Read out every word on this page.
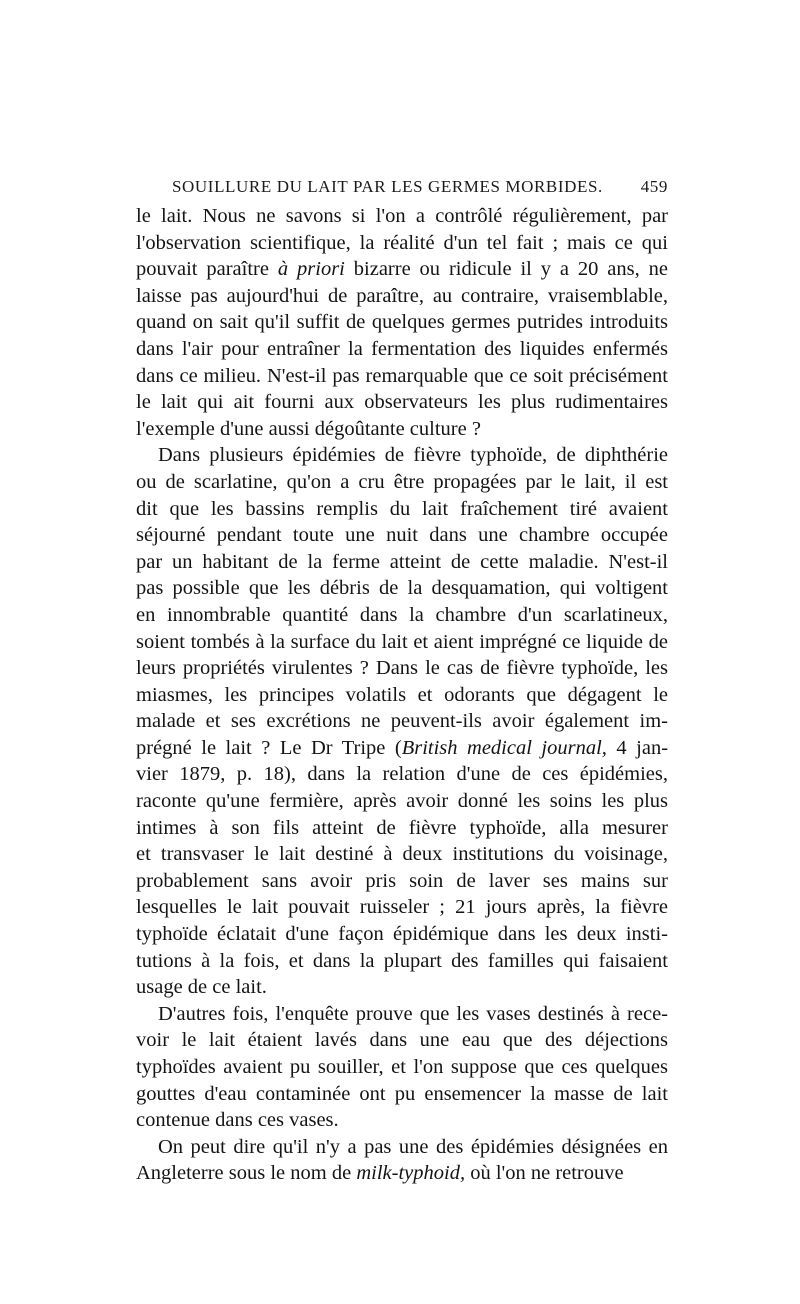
SOUILLURE DU LAIT PAR LES GERMES MORBIDES. 459

le lait. Nous ne savons si l'on a contrôlé régulièrement, par
l'observation scientifique, la réalité d'un tel fait ; mais ce qui
pouvait paraître à priori bizarre ou ridicule il y a 20 ans, ne
laisse pas aujourd'hui de paraître, au contraire, vraisemblable,
quand on sait qu'il suffit de quelques germes putrides introduits
dans l'air pour entraîner la fermentation des liquides enfermés
dans ce milieu. N'est-il pas remarquable que ce soit précisément
le lait qui ait fourni aux observateurs les plus rudimentaires
l'exemple d'une aussi dégoûtante culture ?

Dans plusieurs épidémies de fièvre typhoïde, de diphthérie
ou de scarlatine, qu'on a cru être propagées par le lait, il est
dit que les bassins remplis du lait fraîchement tiré avaient
séjourné pendant toute une nuit dans une chambre occupée
par un habitant de la ferme atteint de cette maladie. N'est-il
pas possible que les débris de la desquamation, qui voltigent
en innombrable quantité dans la chambre d'un scarlatineux,
soient tombés à la surface du lait et aient imprégné ce liquide de
leurs propriétés virulentes ? Dans le cas de fièvre typhoïde, les
miasmes, les principes volatils et odorants que dégagent le
malade et ses excrétions ne peuvent-ils avoir également im-
prégné le lait ? Le Dr Tripe (British medical journal, 4 jan-
vier 1879, p. 18), dans la relation d'une de ces épidémies,
raconte qu'une fermière, après avoir donné les soins les plus
intimes à son fils atteint de fièvre typhoïde, alla mesurer
et transvaser le lait destiné à deux institutions du voisinage,
probablement sans avoir pris soin de laver ses mains sur
lesquelles le lait pouvait ruisseler ; 21 jours après, la fièvre
typhoïde éclatait d'une façon épidémique dans les deux insti-
tutions à la fois, et dans la plupart des familles qui faisaient
usage de ce lait.

D'autres fois, l'enquête prouve que les vases destinés à rece-
voir le lait étaient lavés dans une eau que des déjections
typhoïdes avaient pu souiller, et l'on suppose que ces quelques
gouttes d'eau contaminée ont pu ensemencer la masse de lait
contenue dans ces vases.

On peut dire qu'il n'y a pas une des épidémies désignées en
Angleterre sous le nom de milk-typhoid, où l'on ne retrouve
